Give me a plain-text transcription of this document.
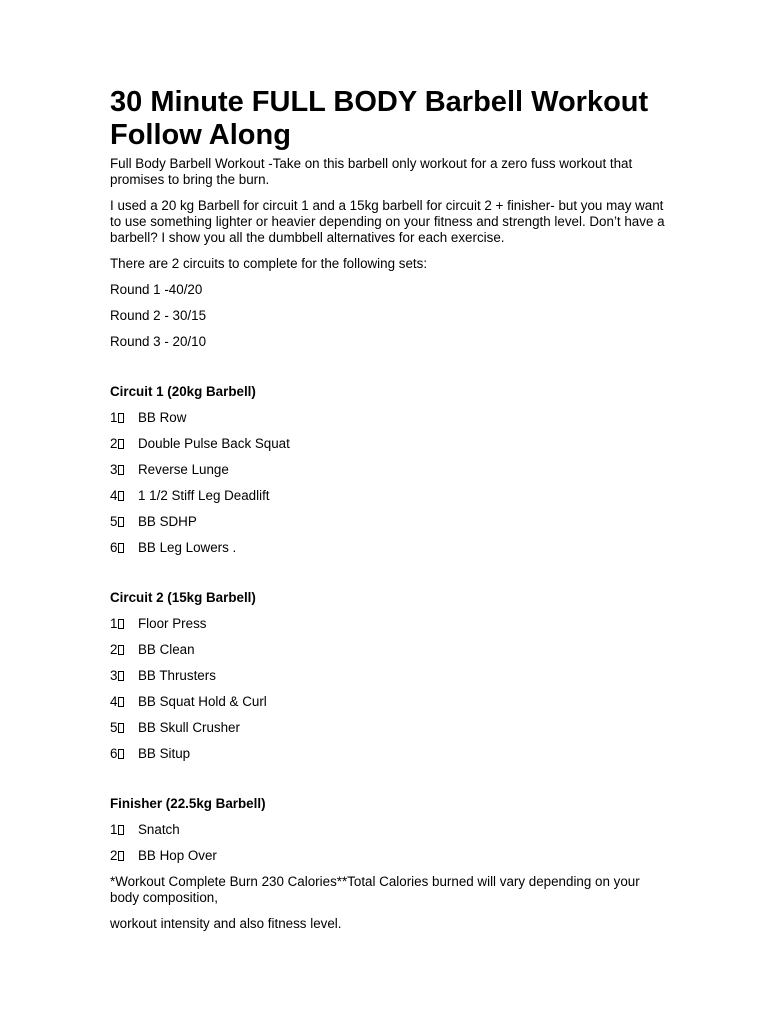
30 Minute FULL BODY Barbell Workout Follow Along

Full Body Barbell Workout -Take on this barbell only workout for a zero fuss workout that promises to bring the burn.

I used a 20 kg Barbell for circuit 1 and a 15kg barbell for circuit 2 + finisher- but you may want to use something lighter or heavier depending on your fitness and strength level. Don’t have a barbell? I show you all the dumbbell alternatives for each exercise.

There are 2 circuits to complete for the following sets:

Round 1 -40/20

Round 2 - 30/15

Round 3 - 20/10

Circuit 1 (20kg Barbell)

1	BB Row
2	Double Pulse Back Squat
3	Reverse Lunge
4	1 1/2 Stiff Leg Deadlift
5	BB SDHP
6	BB Leg Lowers .

Circuit 2 (15kg Barbell)

1	Floor Press
2	BB Clean
3	BB Thrusters
4	BB Squat Hold & Curl
5	BB Skull Crusher
6	BB Situp

Finisher (22.5kg Barbell)

1	Snatch
2	BB Hop Over

*Workout Complete Burn 230 Calories**Total Calories burned will vary depending on your body composition,

workout intensity and also fitness level.
